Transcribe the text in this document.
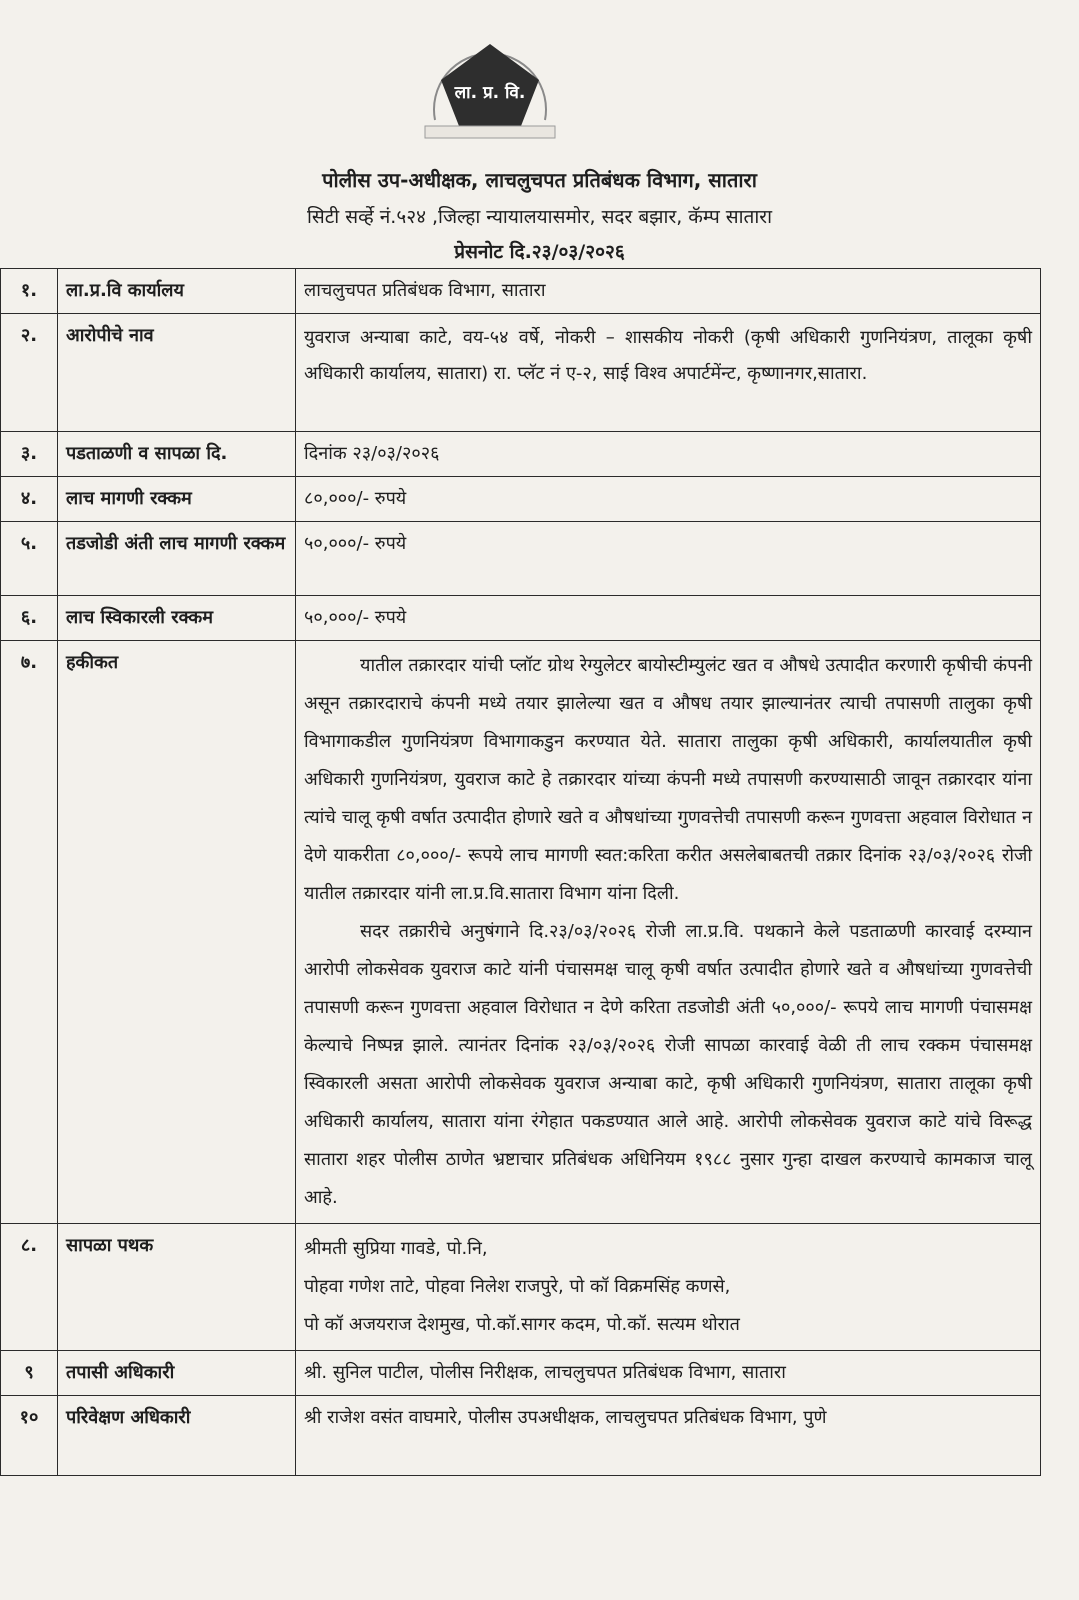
ला. प्र. वि.
पोलीस उप-अधीक्षक, लाचलुचपत प्रतिबंधक विभाग, सातारा
सिटी सर्व्हे नं.५२४ ,जिल्हा न्यायालयासमोर, सदर बझार, कॅम्प सातारा
प्रेसनोट दि.२३/०३/२०२६
१.	ला.प्र.वि कार्यालय	लाचलुचपत प्रतिबंधक विभाग, सातारा
२.	आरोपीचे नाव	युवराज अन्याबा काटे, वय-५४ वर्षे, नोकरी – शासकीय नोकरी (कृषी अधिकारी गुणनियंत्रण, तालूका कृषी अधिकारी कार्यालय, सातारा) रा. प्लॅट नं ए-२, साई विश्व अपार्टमेंन्ट, कृष्णानगर,सातारा.
३.	पडताळणी व सापळा दि.	दिनांक २३/०३/२०२६
४.	लाच मागणी रक्कम	८०,०००/- रुपये
५.	तडजोडी अंती लाच मागणी रक्कम	५०,०००/- रुपये
६.	लाच स्विकारली रक्कम	५०,०००/- रुपये
७.	हकीकत	यातील तक्रारदार यांची प्लॉट ग्रोथ रेग्युलेटर बायोस्टीम्युलंट खत व औषधे उत्पादीत करणारी कृषीची कंपनी असून तक्रारदाराचे कंपनी मध्ये तयार झालेल्या खत व औषध तयार झाल्यानंतर त्याची तपासणी तालुका कृषी विभागाकडील गुणनियंत्रण विभागाकडुन करण्यात येते. सातारा तालुका कृषी अधिकारी, कार्यालयातील कृषी अधिकारी गुणनियंत्रण, युवराज काटे हे तक्रारदार यांच्या कंपनी मध्ये तपासणी करण्यासाठी जावून तक्रारदार यांना त्यांचे चालू कृषी वर्षात उत्पादीत होणारे खते व औषधांच्या गुणवत्तेची तपासणी करून गुणवत्ता अहवाल विरोधात न देणे याकरीता ८०,०००/- रूपये लाच मागणी स्वत:करिता करीत असलेबाबतची तक्रार दिनांक २३/०३/२०२६ रोजी यातील तक्रारदार यांनी ला.प्र.वि.सातारा विभाग यांना दिली.

सदर तक्रारीचे अनुषंगाने दि.२३/०३/२०२६ रोजी ला.प्र.वि. पथकाने केले पडताळणी कारवाई दरम्यान आरोपी लोकसेवक युवराज काटे यांनी पंचासमक्ष चालू कृषी वर्षात उत्पादीत होणारे खते व औषधांच्या गुणवत्तेची तपासणी करून गुणवत्ता अहवाल विरोधात न देणे करिता तडजोडी अंती ५०,०००/- रूपये लाच मागणी पंचासमक्ष केल्याचे निष्पन्न झाले. त्यानंतर दिनांक २३/०३/२०२६ रोजी सापळा कारवाई वेळी ती लाच रक्कम पंचासमक्ष स्विकारली असता आरोपी लोकसेवक युवराज अन्याबा काटे, कृषी अधिकारी गुणनियंत्रण, सातारा तालूका कृषी अधिकारी कार्यालय, सातारा यांना रंगेहात पकडण्यात आले आहे. आरोपी लोकसेवक युवराज काटे यांचे विरूद्ध सातारा शहर पोलीस ठाणेत भ्रष्टाचार प्रतिबंधक अधिनियम १९८८ नुसार गुन्हा दाखल करण्याचे कामकाज चालू आहे.

८.	सापळा पथक	श्रीमती सुप्रिया गावडे, पो.नि,
पोहवा गणेश ताटे, पोहवा निलेश राजपुरे, पो कॉ विक्रमसिंह कणसे,
पो कॉ अजयराज देशमुख, पो.कॉ.सागर कदम, पो.कॉ. सत्यम थोरात

९	तपासी अधिकारी	श्री. सुनिल पाटील, पोलीस निरीक्षक, लाचलुचपत प्रतिबंधक विभाग, सातारा
१०	परिवेक्षण अधिकारी	श्री राजेश वसंत वाघमारे, पोलीस उपअधीक्षक, लाचलुचपत प्रतिबंधक विभाग, पुणे
